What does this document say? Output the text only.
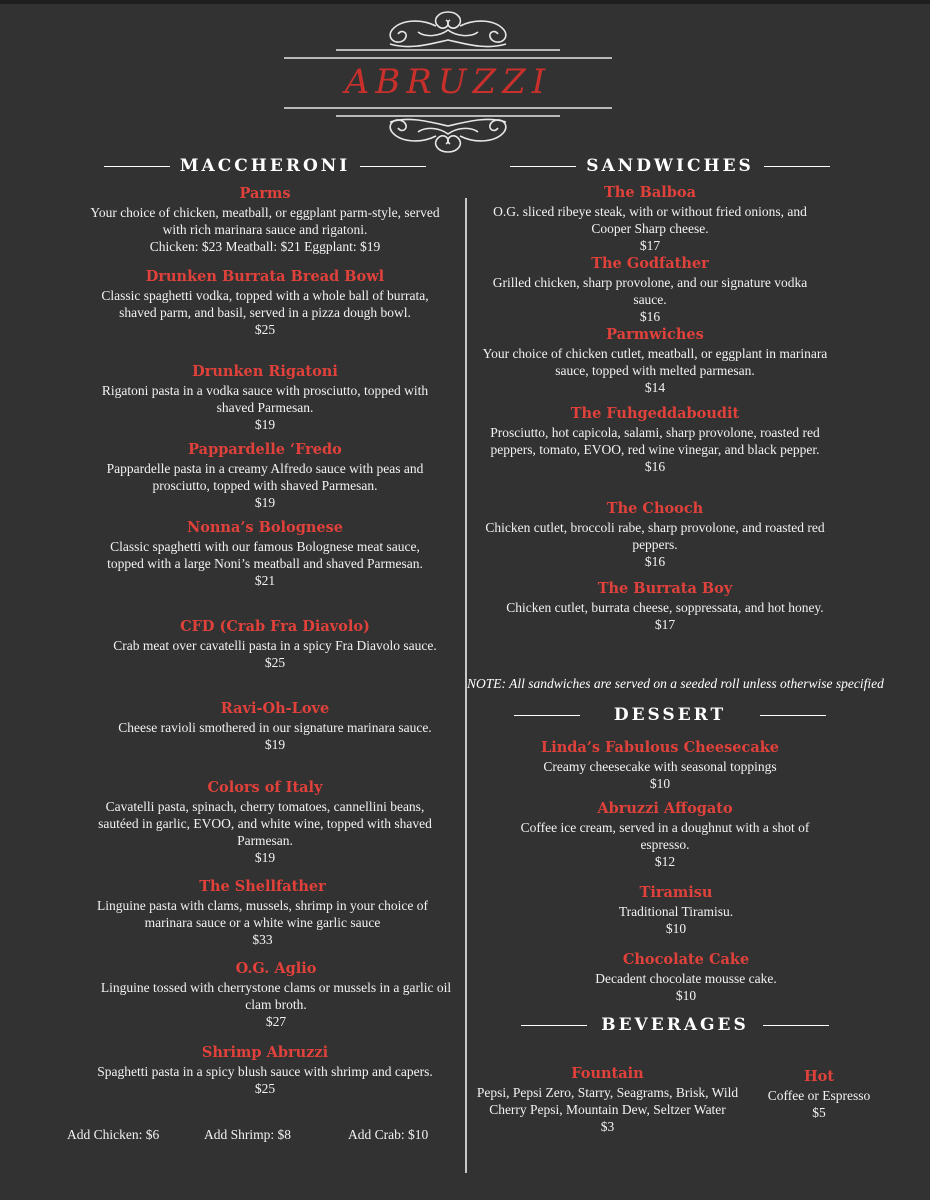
ABRUZZI
MACCHERONI
Parms
Your choice of chicken, meatball, or eggplant parm-style, served with rich marinara sauce and rigatoni.
Chicken: $23 Meatball: $21 Eggplant: $19
Drunken Burrata Bread Bowl
Classic spaghetti vodka, topped with a whole ball of burrata, shaved parm, and basil, served in a pizza dough bowl.
$25
Drunken Rigatoni
Rigatoni pasta in a vodka sauce with prosciutto, topped with shaved Parmesan.
$19
Pappardelle ‘Fredo
Pappardelle pasta in a creamy Alfredo sauce with peas and prosciutto, topped with shaved Parmesan.
$19
Nonna’s Bolognese
Classic spaghetti with our famous Bolognese meat sauce, topped with a large Noni’s meatball and shaved Parmesan.
$21
CFD (Crab Fra Diavolo)
Crab meat over cavatelli pasta in a spicy Fra Diavolo sauce.
$25
Ravi-Oh-Love
Cheese ravioli smothered in our signature marinara sauce.
$19
Colors of Italy
Cavatelli pasta, spinach, cherry tomatoes, cannellini beans, sautéed in garlic, EVOO, and white wine, topped with shaved Parmesan.
$19
The Shellfather
Linguine pasta with clams, mussels, shrimp in your choice of marinara sauce or a white wine garlic sauce
$33
O.G. Aglio
Linguine tossed with cherrystone clams or mussels in a garlic oil clam broth.
$27
Shrimp Abruzzi
Spaghetti pasta in a spicy blush sauce with shrimp and capers.
$25
Add Chicken: $6	Add Shrimp: $8	Add Crab: $10
SANDWICHES
The Balboa
O.G. sliced ribeye steak, with or without fried onions, and Cooper Sharp cheese.
$17
The Godfather
Grilled chicken, sharp provolone, and our signature vodka sauce.
$16
Parmwiches
Your choice of chicken cutlet, meatball, or eggplant in marinara sauce, topped with melted parmesan.
$14
The Fuhgeddaboudit
Prosciutto, hot capicola, salami, sharp provolone, roasted red peppers, tomato, EVOO, red wine vinegar, and black pepper.
$16
The Chooch
Chicken cutlet, broccoli rabe, sharp provolone, and roasted red peppers.
$16
The Burrata Boy
Chicken cutlet, burrata cheese, soppressata, and hot honey.
$17
NOTE: All sandwiches are served on a seeded roll unless otherwise specified
DESSERT
Linda’s Fabulous Cheesecake
Creamy cheesecake with seasonal toppings
$10
Abruzzi Affogato
Coffee ice cream, served in a doughnut with a shot of espresso.
$12
Tiramisu
Traditional Tiramisu.
$10
Chocolate Cake
Decadent chocolate mousse cake.
$10
BEVERAGES
Fountain
Pepsi, Pepsi Zero, Starry, Seagrams, Brisk, Wild Cherry Pepsi, Mountain Dew, Seltzer Water
$3
Hot
Coffee or Espresso
$5
